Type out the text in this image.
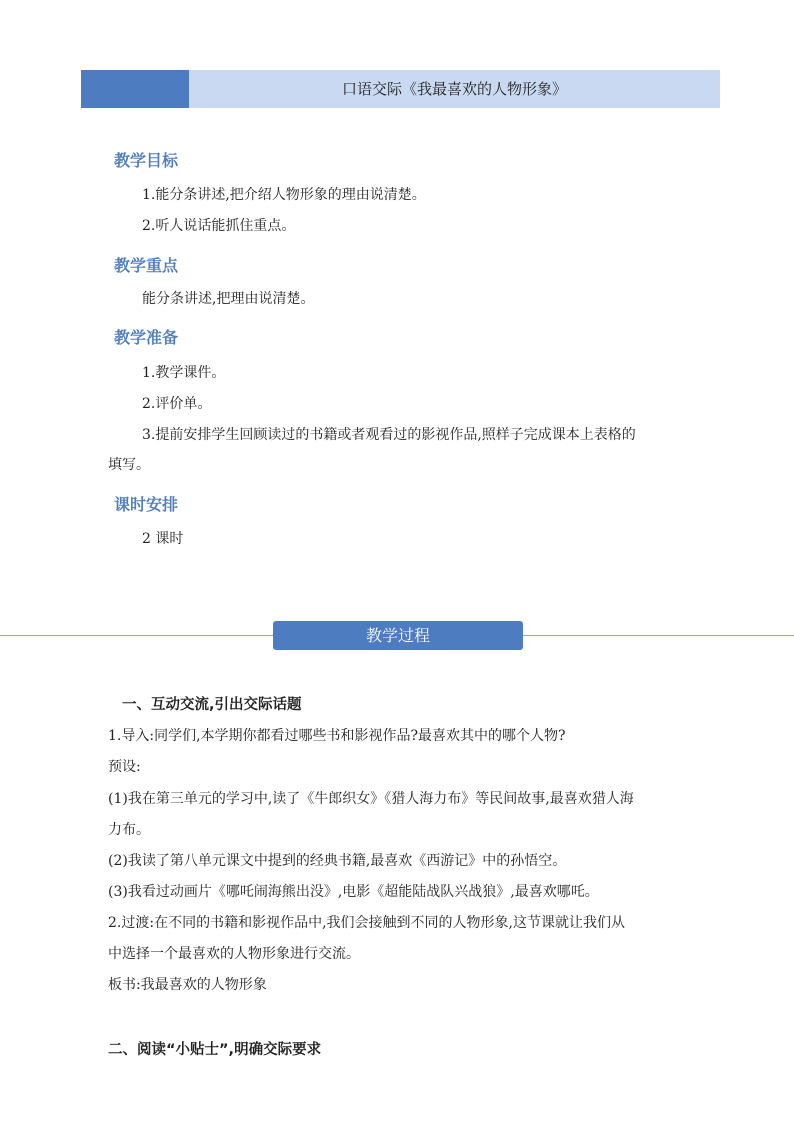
口语交际《我最喜欢的人物形象》
教学目标
1.能分条讲述,把介绍人物形象的理由说清楚。
2.听人说话能抓住重点。
教学重点
能分条讲述,把理由说清楚。
教学准备
1.教学课件。
2.评价单。
3.提前安排学生回顾读过的书籍或者观看过的影视作品,照样子完成课本上表格的
填写。
课时安排
2 课时
教学过程
一、互动交流,引出交际话题
1.导入:同学们,本学期你都看过哪些书和影视作品?最喜欢其中的哪个人物?
预设:
(1)我在第三单元的学习中,读了《牛郎织女》《猎人海力布》等民间故事,最喜欢猎人海
力布。
(2)我读了第八单元课文中提到的经典书籍,最喜欢《西游记》中的孙悟空。
(3)我看过动画片《哪吒闹海熊出没》,电影《超能陆战队兴战狼》,最喜欢哪吒。
2.过渡:在不同的书籍和影视作品中,我们会接触到不同的人物形象,这节课就让我们从
中选择一个最喜欢的人物形象进行交流。
板书:我最喜欢的人物形象
二、阅读“小贴士”,明确交际要求
